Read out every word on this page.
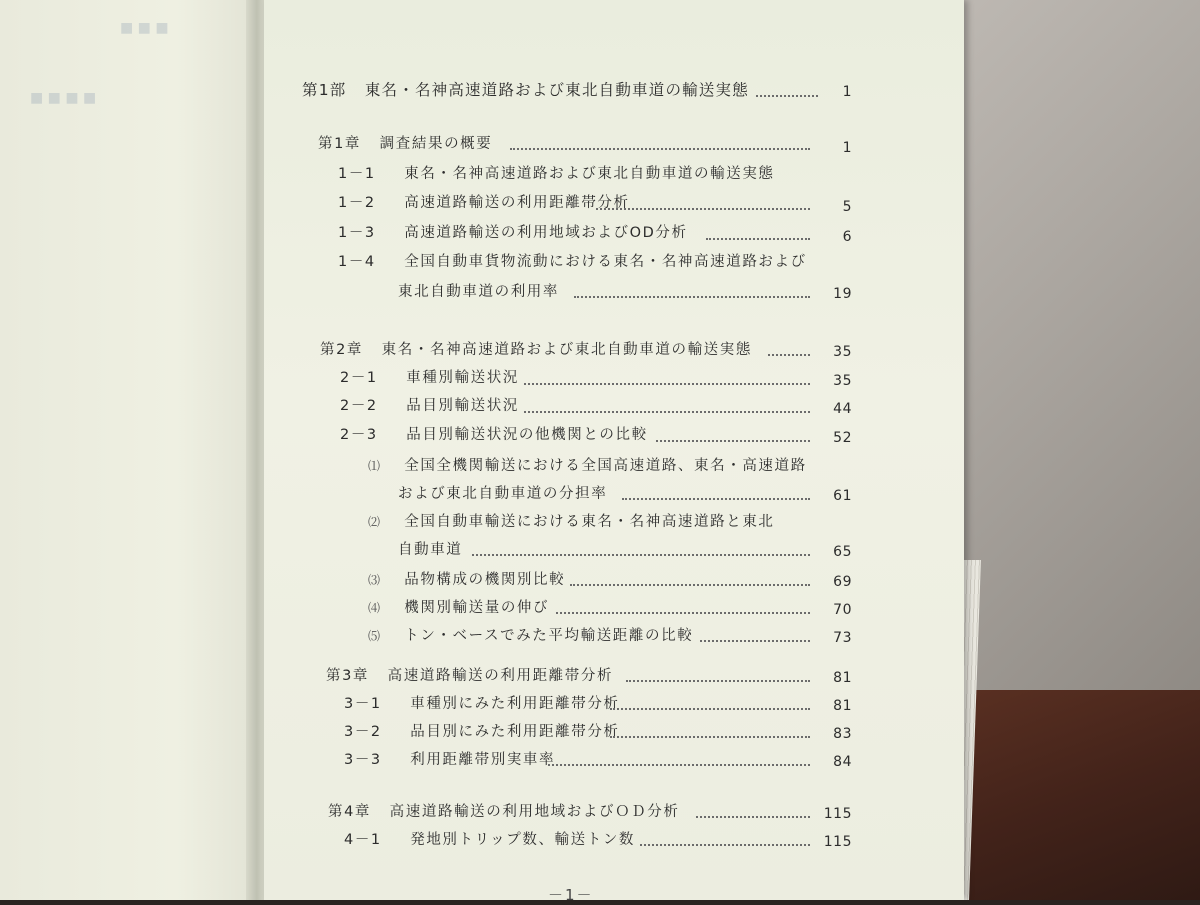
■ ■ ■
■ ■ ■ ■	第1部 東名・名神高速道路および東北自動車道の輸送実態	1
第1章 調査結果の概要	1
1－1 東名・名神高速道路および東北自動車道の輸送実態
1－2 高速道路輸送の利用距離帯分析	5
1－3 高速道路輸送の利用地域およびOD分析	6
1－4 全国自動車貨物流動における東名・名神高速道路および
東北自動車道の利用率	19
第2章 東名・名神高速道路および東北自動車道の輸送実態	35
2－1 車種別輸送状況	35
2－2 品目別輸送状況	44
2－3 品目別輸送状況の他機関との比較	52
⑴ 全国全機関輸送における全国高速道路、東名・高速道路
および東北自動車道の分担率	61
⑵ 全国自動車輸送における東名・名神高速道路と東北
自動車道	65
⑶ 品物構成の機関別比較	69
⑷ 機関別輸送量の伸び	70
⑸ トン・ベースでみた平均輸送距離の比較	73
第3章 高速道路輸送の利用距離帯分析	81
3－1 車種別にみた利用距離帯分析	81
3－2 品目別にみた利用距離帯分析	83
3－3 利用距離帯別実車率	84
第4章 高速道路輸送の利用地域およびＯＤ分析	115
4－1 発地別トリップ数、輸送トン数	115
－1－
